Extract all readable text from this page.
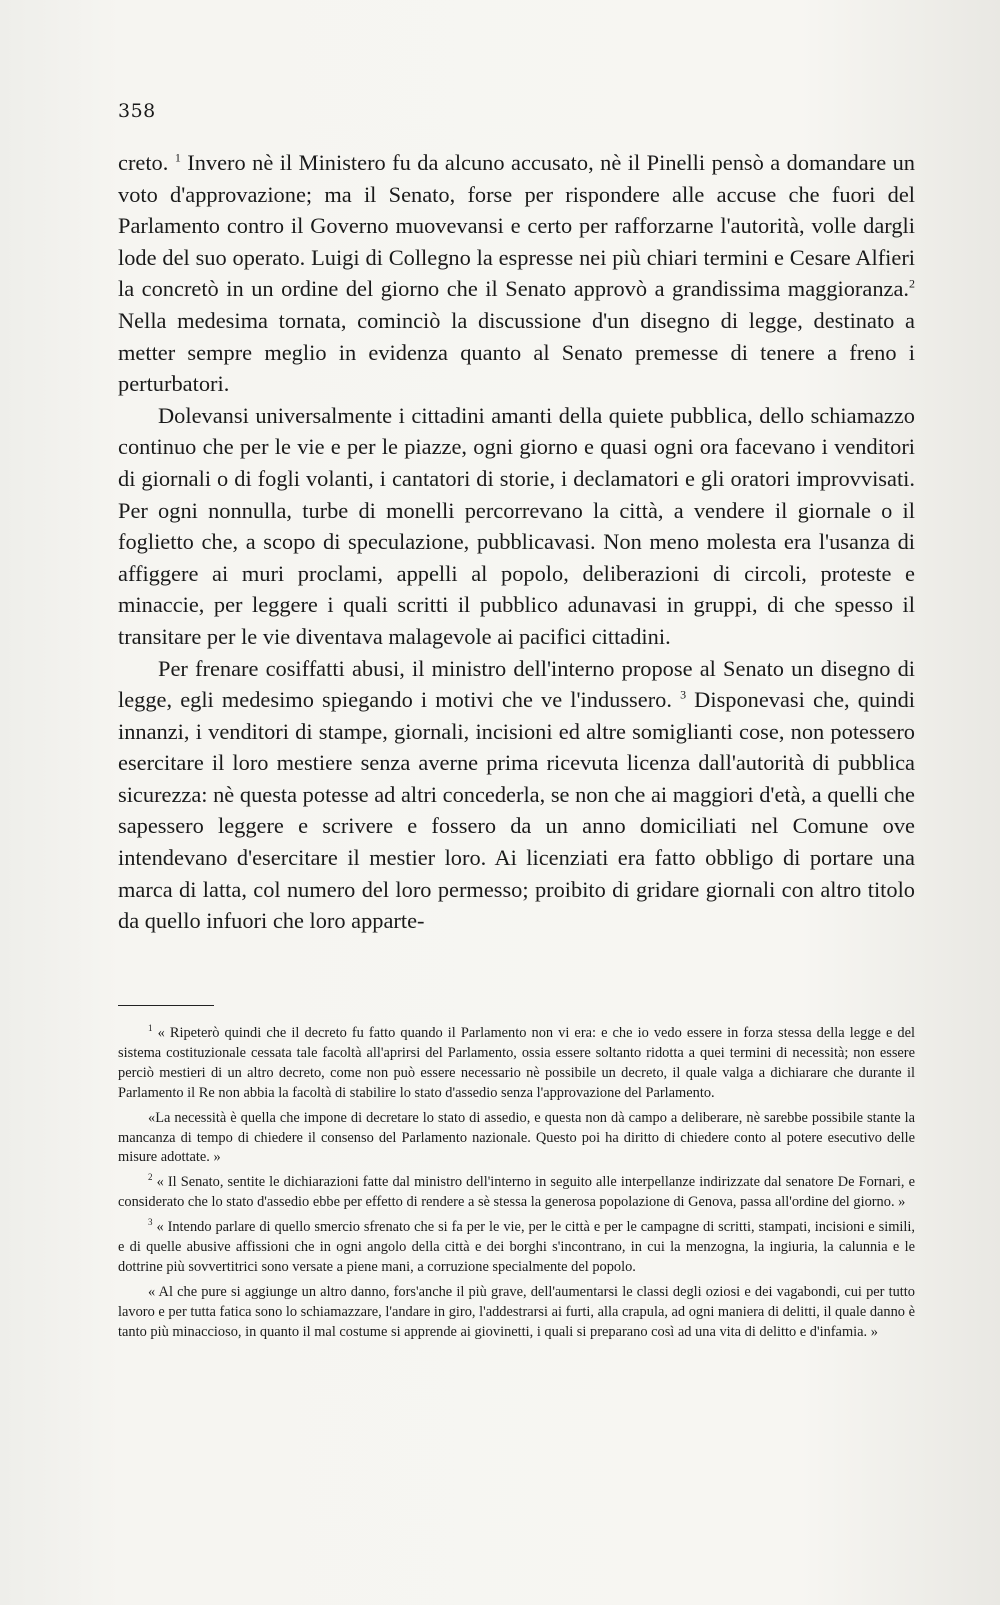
358

creto. $^1$ Invero nè il Ministero fu da alcuno accusato, nè il Pinelli pensò a domandare un voto d'approvazione; ma il Senato, forse per rispondere alle accuse che fuori del Parlamento contro il Governo muovevansi e certo per rafforzarne l'autorità, volle dargli lode del suo operato. Luigi di Collegno la espresse nei più chiari termini e Cesare Alfieri la concretò in un ordine del giorno che il Senato approvò a grandissima maggioranza.$^2$ Nella medesima tornata, cominciò la discussione d'un disegno di legge, destinato a metter sempre meglio in evidenza quanto al Senato premesse di tenere a freno i perturbatori.

Dolevansi universalmente i cittadini amanti della quiete pubblica, dello schiamazzo continuo che per le vie e per le piazze, ogni giorno e quasi ogni ora facevano i venditori di giornali o di fogli volanti, i cantatori di storie, i declamatori e gli oratori improvvisati. Per ogni nonnulla, turbe di monelli percorrevano la città, a vendere il giornale o il foglietto che, a scopo di speculazione, pubblicavasi. Non meno molesta era l'usanza di affiggere ai muri proclami, appelli al popolo, deliberazioni di circoli, proteste e minaccie, per leggere i quali scritti il pubblico adunavasi in gruppi, di che spesso il transitare per le vie diventava malagevole ai pacifici cittadini.

Per frenare cosiffatti abusi, il ministro dell'interno propose al Senato un disegno di legge, egli medesimo spiegando i motivi che ve l'indussero. $^3$ Disponevasi che, quindi innanzi, i venditori di stampe, giornali, incisioni ed altre somiglianti cose, non potessero esercitare il loro mestiere senza averne prima ricevuta licenza dall'autorità di pubblica sicurezza: nè questa potesse ad altri concederla, se non che ai maggiori d'età, a quelli che sapessero leggere e scrivere e fossero da un anno domiciliati nel Comune ove intendevano d'esercitare il mestier loro. Ai licenziati era fatto obbligo di portare una marca di latta, col numero del loro permesso; proibito di gridare giornali con altro titolo da quello infuori che loro apparte-

$^1$ « Ripeterò quindi che il decreto fu fatto quando il Parlamento non vi era: e che io vedo essere in forza stessa della legge e del sistema costituzionale cessata tale facoltà all'aprirsi del Parlamento, ossia essere soltanto ridotta a quei termini di necessità; non essere perciò mestieri di un altro decreto, come non può essere necessario nè possibile un decreto, il quale valga a dichiarare che durante il Parlamento il Re non abbia la facoltà di stabilire lo stato d'assedio senza l'approvazione del Parlamento.

«La necessità è quella che impone di decretare lo stato di assedio, e questa non dà campo a deliberare, nè sarebbe possibile stante la mancanza di tempo di chiedere il consenso del Parlamento nazionale. Questo poi ha diritto di chiedere conto al potere esecutivo delle misure adottate. »

$^2$ « Il Senato, sentite le dichiarazioni fatte dal ministro dell'interno in seguito alle interpellanze indirizzate dal senatore De Fornari, e considerato che lo stato d'assedio ebbe per effetto di rendere a sè stessa la generosa popolazione di Genova, passa all'ordine del giorno. »

$^3$ « Intendo parlare di quello smercio sfrenato che si fa per le vie, per le città e per le campagne di scritti, stampati, incisioni e simili, e di quelle abusive affissioni che in ogni angolo della città e dei borghi s'incontrano, in cui la menzogna, la ingiuria, la calunnia e le dottrine più sovvertitrici sono versate a piene mani, a corruzione specialmente del popolo.

« Al che pure si aggiunge un altro danno, fors'anche il più grave, dell'aumentarsi le classi degli oziosi e dei vagabondi, cui per tutto lavoro e per tutta fatica sono lo schiamazzare, l'andare in giro, l'addestrarsi ai furti, alla crapula, ad ogni maniera di delitti, il quale danno è tanto più minaccioso, in quanto il mal costume si apprende ai giovinetti, i quali si preparano così ad una vita di delitto e d'infamia. »
